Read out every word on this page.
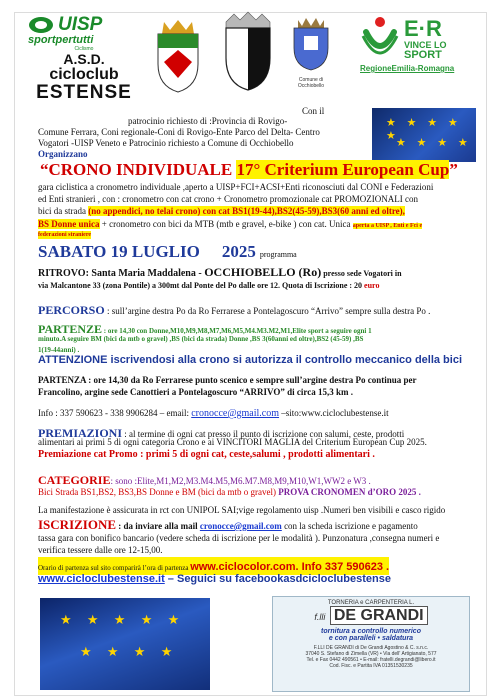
UISP
sportpertutti
Ciclismo
A.S.D.
cicloclub
ESTENSE
Comune di Occhiobello
E·R
VINCE LO
SPORT
RegioneEmilia-Romagna
Con il
patrocinio richiesto di :Provincia di Rovigo-
Comune Ferrara, Coni regionale-Coni di Rovigo-Ente Parco del Delta- Centro
Vogatori -UISP Veneto e Patrocinio richiesto a Comune di Occhiobello
Organizzano
★ ★ ★ ★ ★
★ ★ ★ ★
“CRONO INDIVIDUALE 17° Criterium European Cup”
gara ciclistica a cronometro individuale ,aperto a UISP+FCI+ACSI+Enti riconosciuti dal CONI e Federazioni
ed Enti stranieri , con : cronometro con cat crono + Cronometro promozionale cat PROMOZIONALI con
bici da strada (no appendici, no telai crono) con cat BS1(19-44),BS2(45-59),BS3(60 anni ed oltre),
BS Donne unica + cronometro con bici da MTB (mtb e gravel, e-bike ) con cat. Unica aperta a UISP , Enti e Fci e
federazioni straniere
SABATO 19 LUGLIO 2025 programma
RITROVO: Santa Maria Maddalena - OCCHIOBELLO (Ro) presso sede Vogatori in
via Malcantone 33 (zona Pontile) a 300mt dal Ponte del Po dalle ore 12. Quota di Iscrizione : 20 euro
PERCORSO : sull’argine destra Po da Ro Ferrarese a Pontelagoscuro “Arrivo” sempre sulla destra Po .
PARTENZE : ore 14,30 con Donne,M10,M9,M8,M7,M6,M5,M4.M3.M2,M1,Elite sport a seguire ogni 1
minuto.A seguire BM (bici da mtb o gravel) ,BS (bici da strada) Donne ,BS 3(60anni ed oltre),BS2 (45-59) ,BS
1(19-44anni) .
ATTENZIONE iscrivendosi alla crono si autorizza il controllo meccanico della bici
PARTENZA : ore 14,30 da Ro Ferrarese punto scenico e sempre sull’argine destra Po continua per
Francolino, argine sede Canottieri a Pontelagoscuro “ARRIVO” di circa 15,3 km .
Info : 337 590623 - 338 9906284 – email: cronocce@gmail.com –sito:www.cicloclubestense.it
PREMIAZIONI : al termine di ogni cat presso il punto di iscrizione con salumi, ceste, prodotti
alimentari ai primi 5 di ogni categoria Crono e ai VINCITORI MAGLIA del Criterium European Cup 2025.
Premiazione cat Promo : primi 5 di ogni cat, ceste,salumi , prodotti alimentari .
CATEGORIE: sono :Elite,M1,M2,M3.M4.M5,M6.M7.M8,M9,M10,W1,WW2 e W3 .
Bici Strada BS1,BS2, BS3,BS Donne e BM (bici da mtb o gravel) PROVA CRONOMEN d’ORO 2025 .
La manifestazione è assicurata in rct con UNIPOL SAI;vige regolamento uisp .Numeri ben visibili e casco rigido
ISCRIZIONE : da inviare alla mail cronocce@gmail.com con la scheda iscrizione e pagamento
tassa gara con bonifico bancario (vedere scheda di iscrizione per le modalità ). Punzonatura ,consegna numeri e
verifica tessere dalle ore 12-15,00.
Orario di partenza sul sito comparirà l’ora di partenza www.ciclocolor.com. Info 337 590623 .
www.cicloclubestense.it – Seguici su facebookasdcicloclubestense
★ ★ ★ ★ ★
★ ★ ★ ★
TORNERIA e CARPENTERIA L.
f.lli DE GRANDI
tornitura a controllo numerico
e con paralleli • saldatura
F.LLI DE GRANDI di De Grandi Agostino & C. s.n.c.
37040 S. Stefano di Zimella (VR) • Via dell' Artigianato, 577
Tel. e Fax 0442 490561 • E-mail: fratelli.degrandi@libero.it
Cod. Fisc. e Partita IVA 01351530235
